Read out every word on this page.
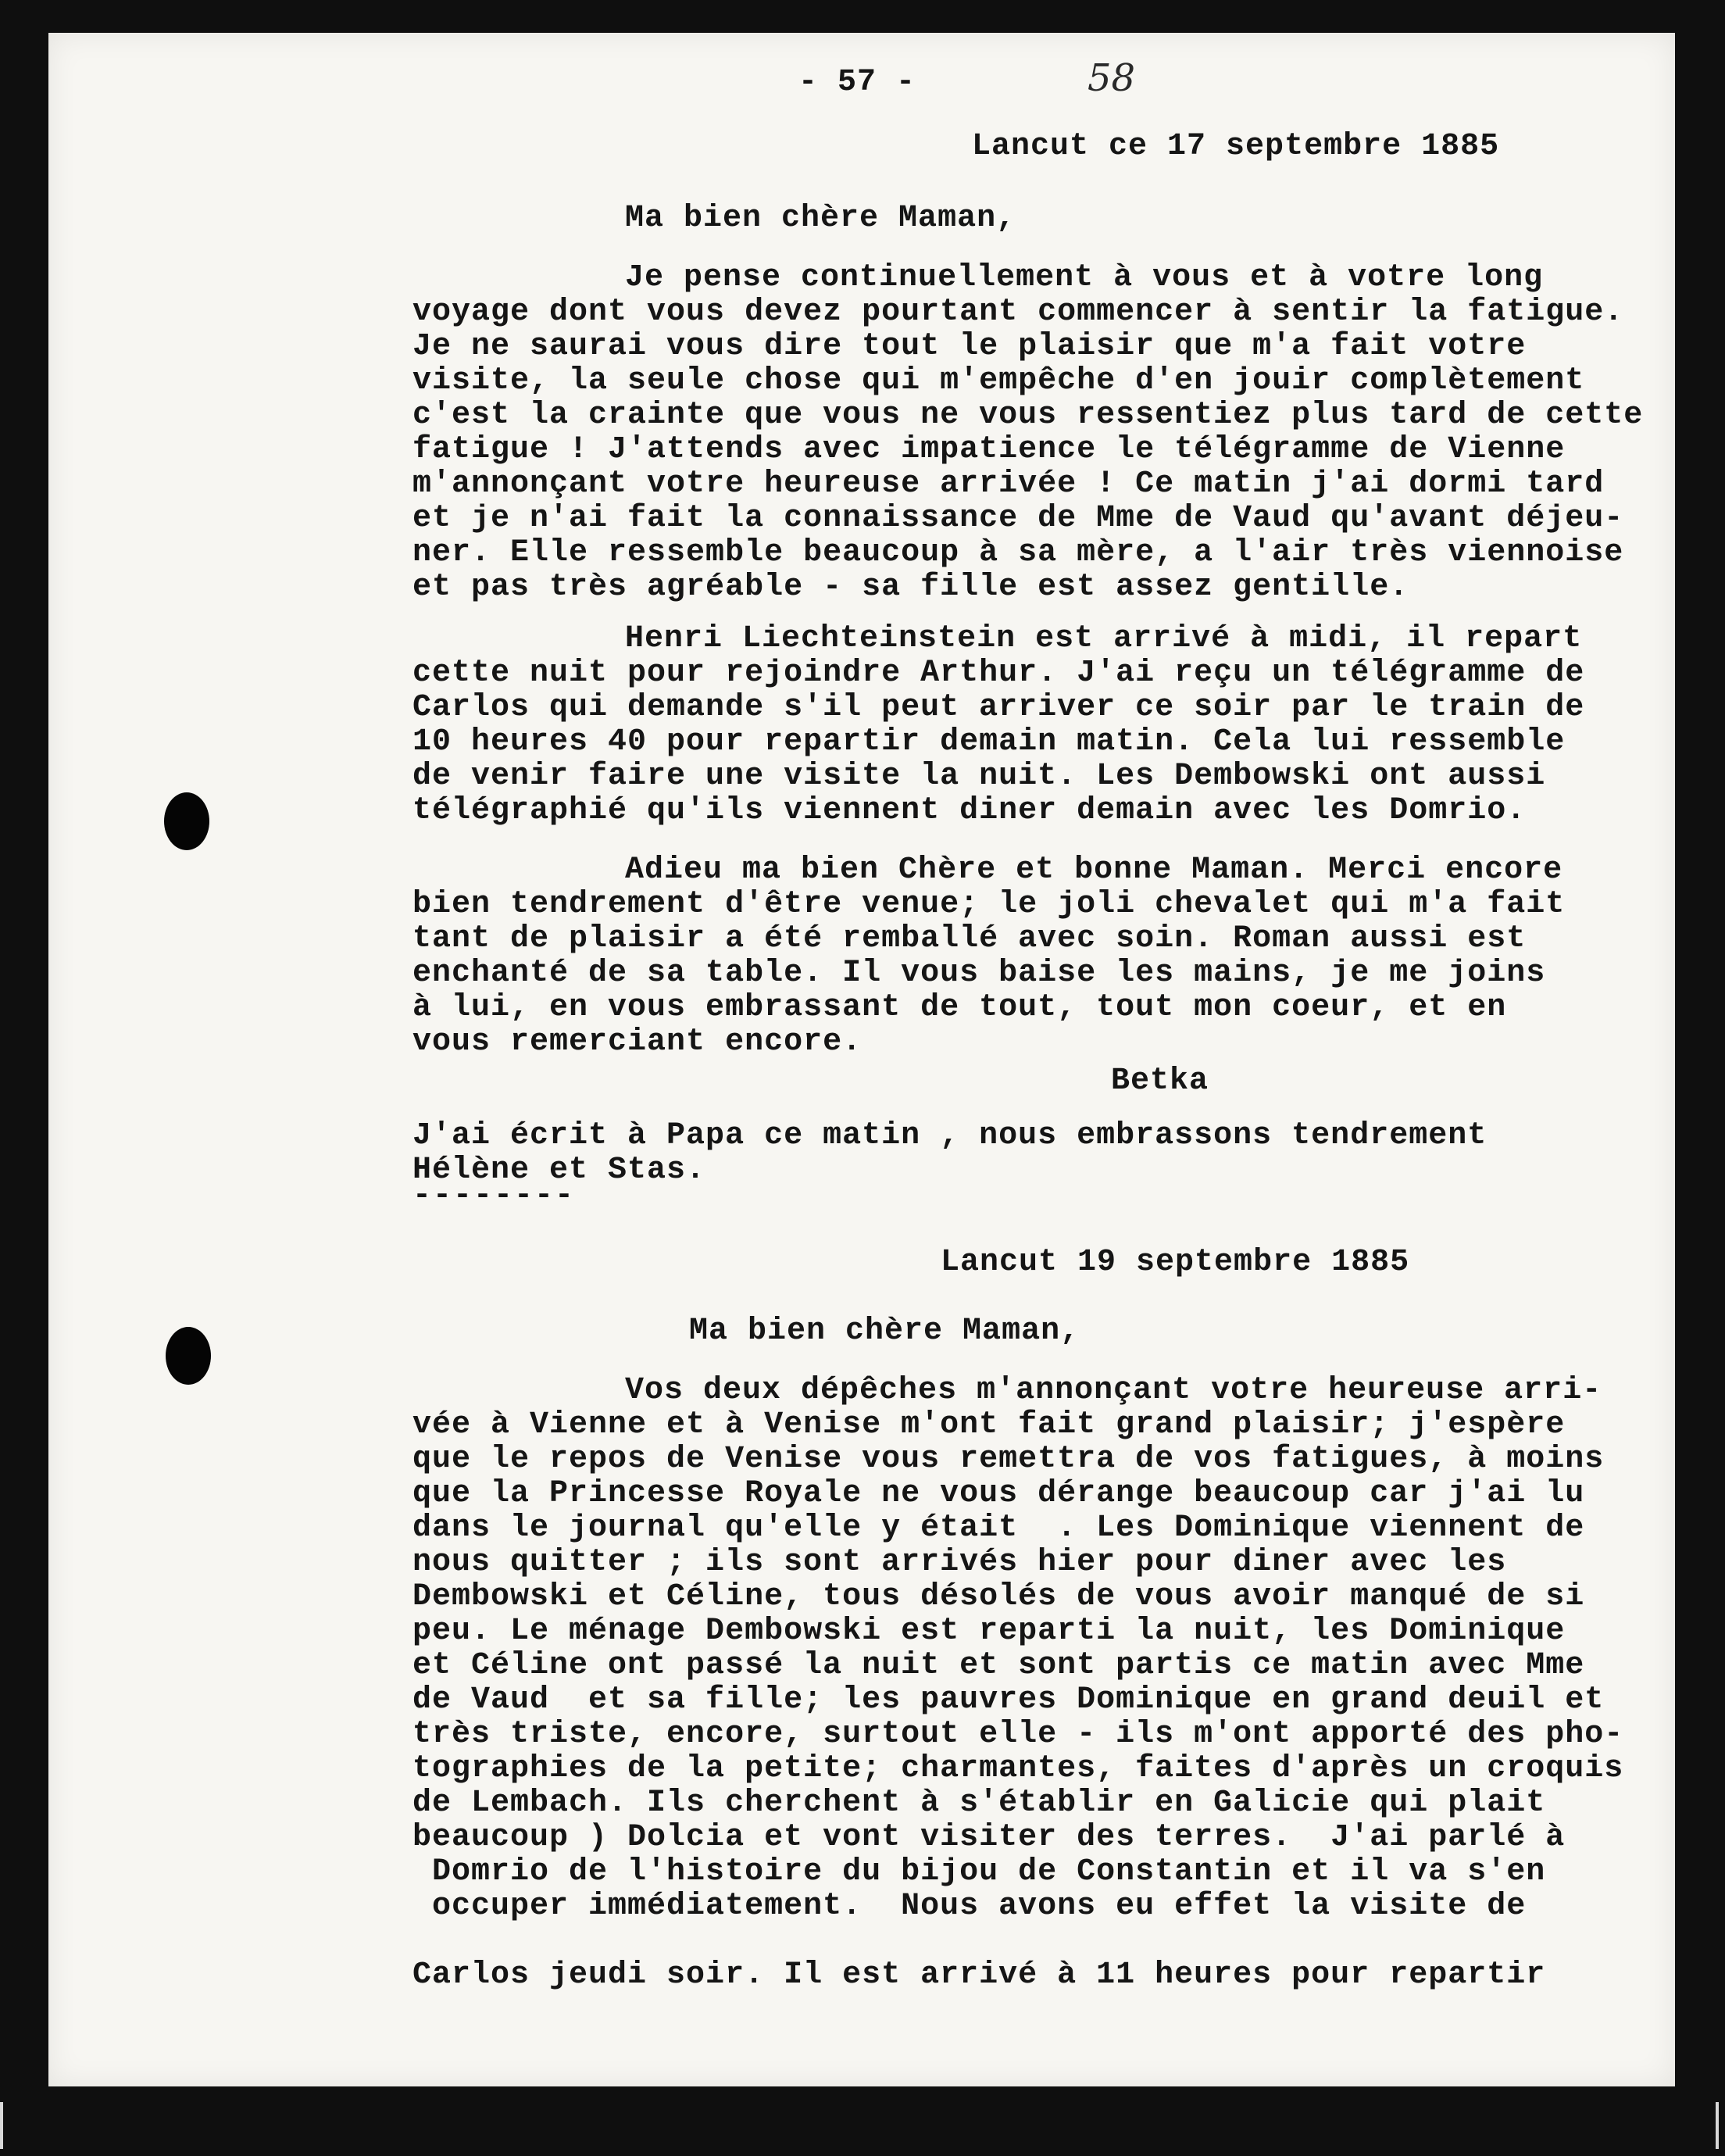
- 57 -	58
Lancut ce 17 septembre 1885
Ma bien chère Maman,
Je pense continuellement à vous et à votre long
voyage dont vous devez pourtant commencer à sentir la fatigue.
Je ne saurai vous dire tout le plaisir que m'a fait votre
visite, la seule chose qui m'empêche d'en jouir complètement
c'est la crainte que vous ne vous ressentiez plus tard de cette
fatigue ! J'attends avec impatience le télégramme de Vienne
m'annonçant votre heureuse arrivée ! Ce matin j'ai dormi tard
et je n'ai fait la connaissance de Mme de Vaud qu'avant déjeu-
ner. Elle ressemble beaucoup à sa mère, a l'air très viennoise
et pas très agréable - sa fille est assez gentille.
Henri Liechteinstein est arrivé à midi, il repart
cette nuit pour rejoindre Arthur. J'ai reçu un télégramme de
Carlos qui demande s'il peut arriver ce soir par le train de
10 heures 40 pour repartir demain matin. Cela lui ressemble
de venir faire une visite la nuit. Les Dembowski ont aussi
télégraphié qu'ils viennent diner demain avec les Domrio.
Adieu ma bien Chère et bonne Maman. Merci encore
bien tendrement d'être venue; le joli chevalet qui m'a fait
tant de plaisir a été remballé avec soin. Roman aussi est
enchanté de sa table. Il vous baise les mains, je me joins
à lui, en vous embrassant de tout, tout mon coeur, et en
vous remerciant encore.
Betka
J'ai écrit à Papa ce matin , nous embrassons tendrement
Hélène et Stas.
--------
Lancut 19 septembre 1885
Ma bien chère Maman,
Vos deux dépêches m'annonçant votre heureuse arri-
vée à Vienne et à Venise m'ont fait grand plaisir; j'espère
que le repos de Venise vous remettra de vos fatigues, à moins
que la Princesse Royale ne vous dérange beaucoup car j'ai lu
dans le journal qu'elle y était  . Les Dominique viennent de
nous quitter ; ils sont arrivés hier pour diner avec les
Dembowski et Céline, tous désolés de vous avoir manqué de si
peu. Le ménage Dembowski est reparti la nuit, les Dominique
et Céline ont passé la nuit et sont partis ce matin avec Mme
de Vaud  et sa fille; les pauvres Dominique en grand deuil et
très triste, encore, surtout elle - ils m'ont apporté des pho-
tographies de la petite; charmantes, faites d'après un croquis
de Lembach. Ils cherchent à s'établir en Galicie qui plait
beaucoup ) Dolcia et vont visiter des terres.  J'ai parlé à
Domrio de l'histoire du bijou de Constantin et il va s'en
occuper immédiatement.  Nous avons eu effet la visite de
Carlos jeudi soir. Il est arrivé à 11 heures pour repartir
